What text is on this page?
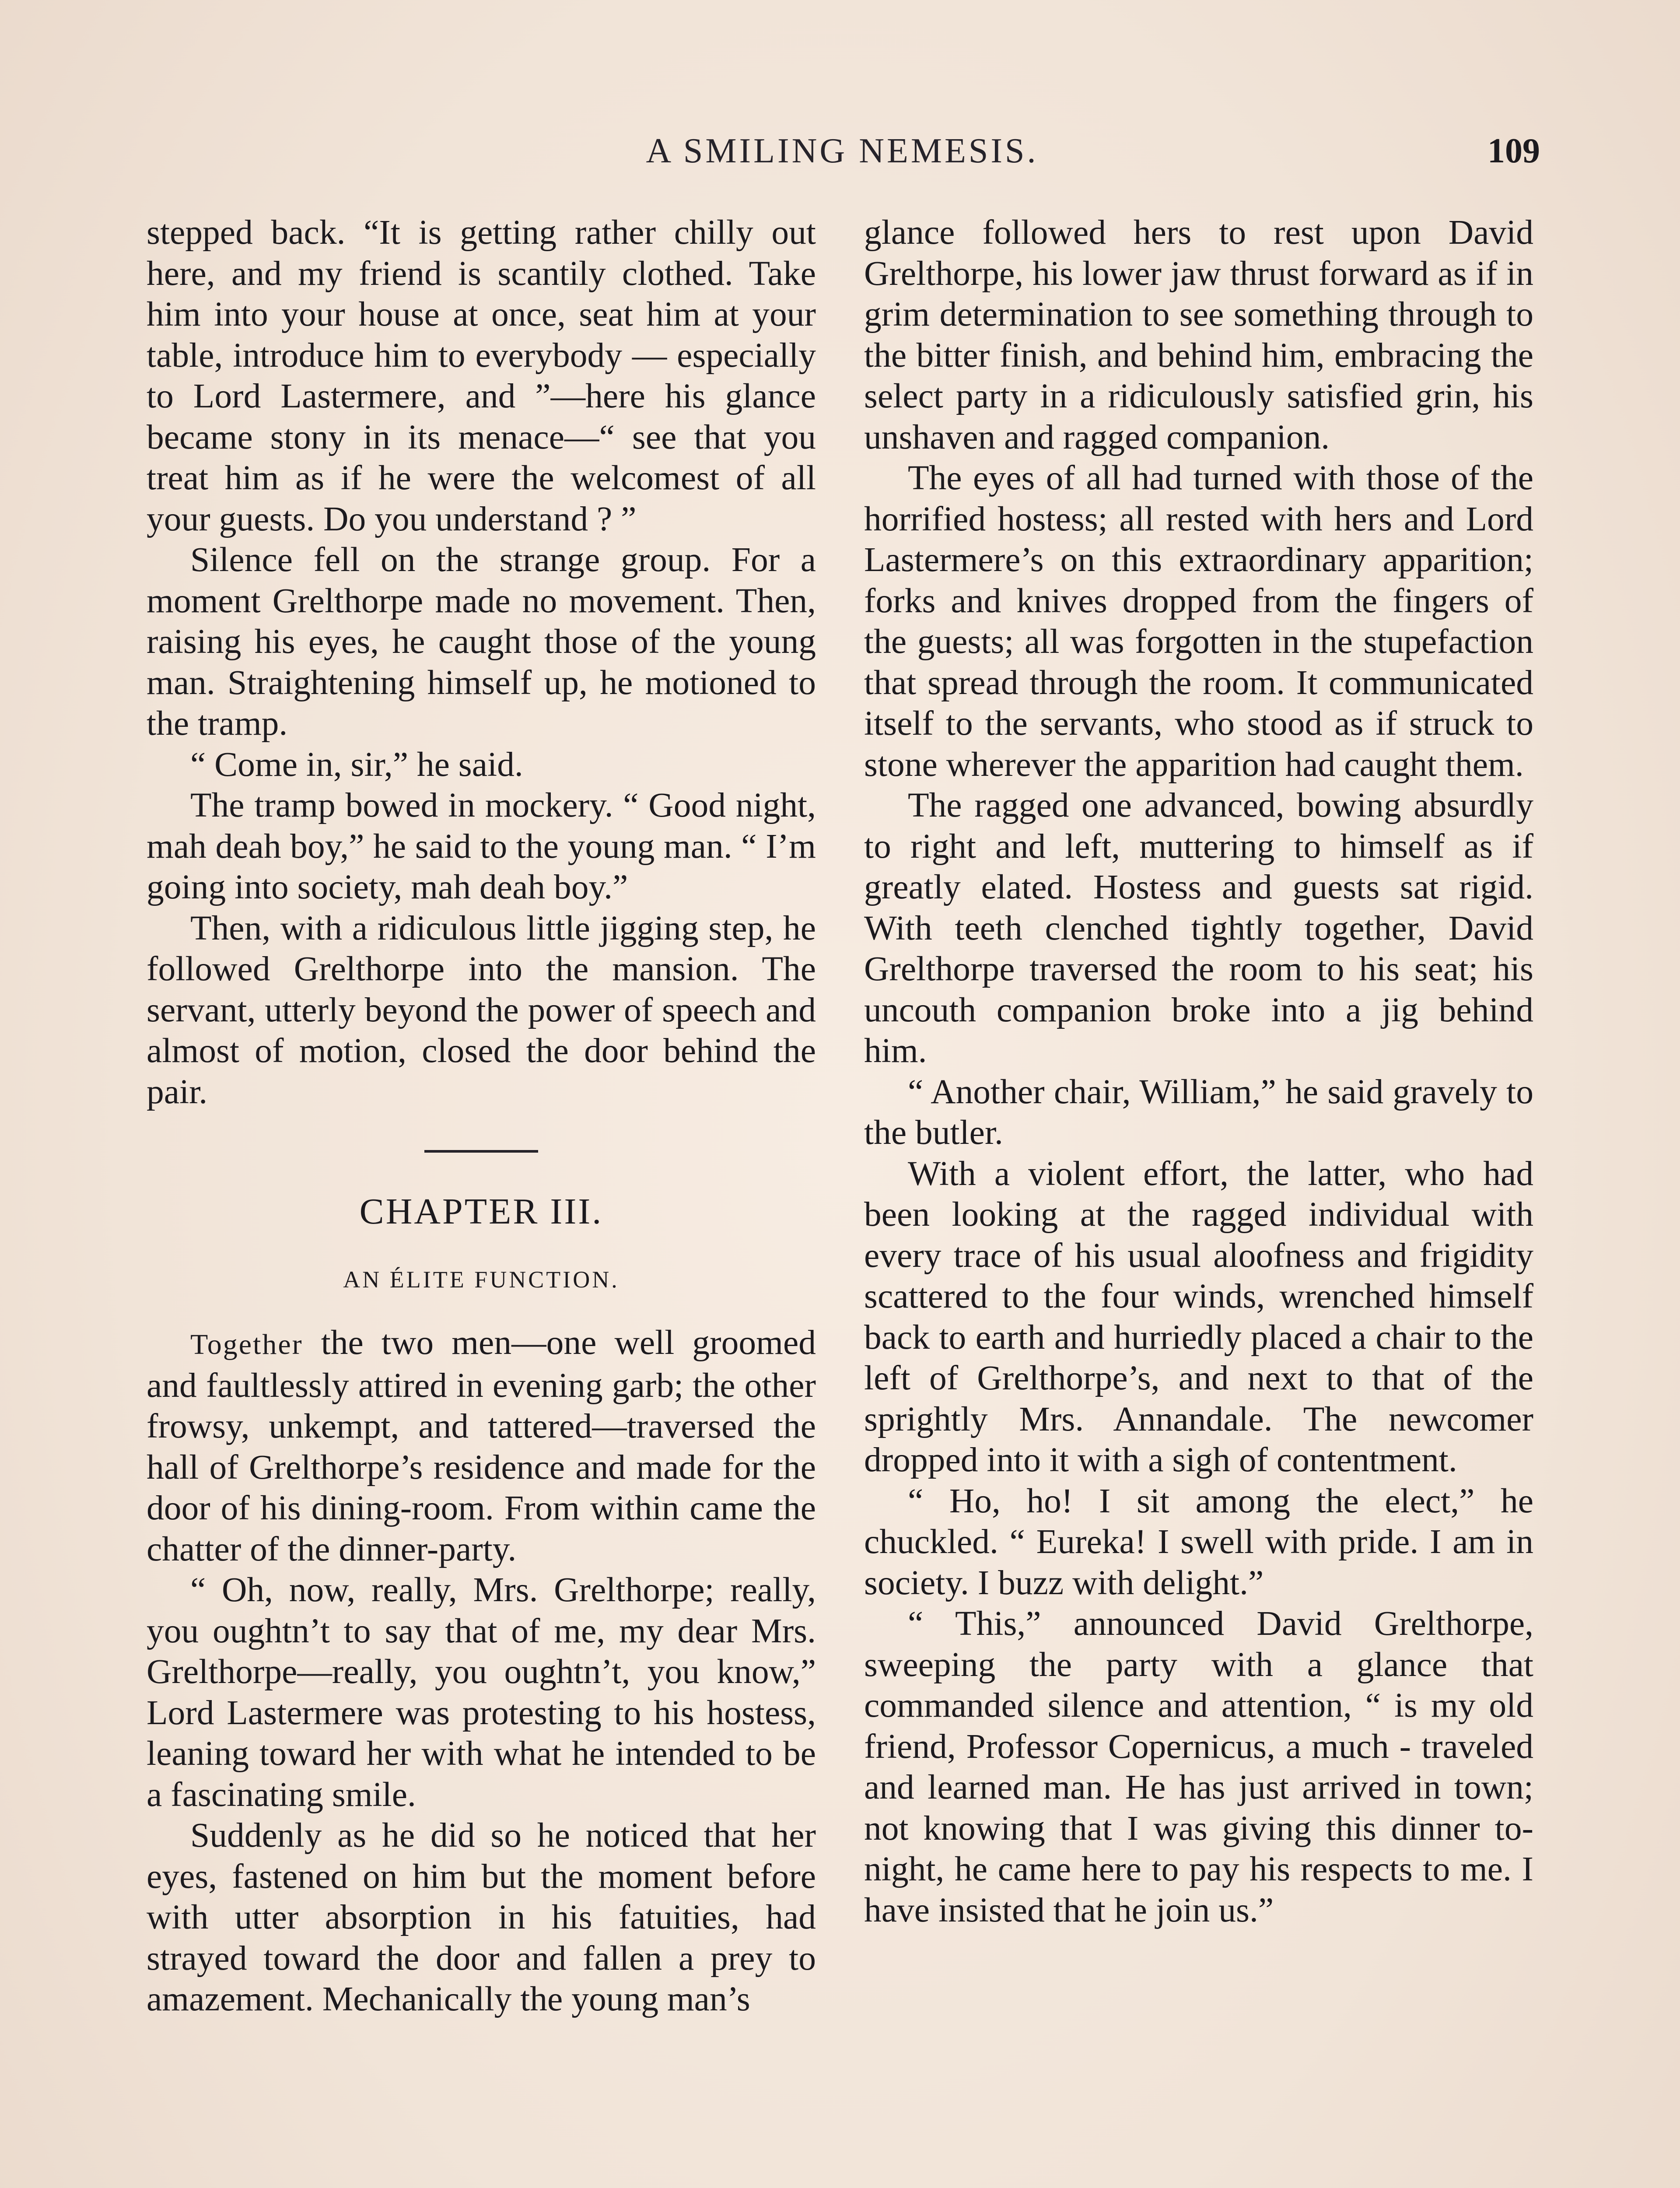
A SMILING NEMESIS.	109

stepped back. “It is getting rather chilly out here, and my friend is scantily clothed. Take him into your house at once, seat him at your table, introduce him to everybody — especially to Lord Lastermere, and ”—here his glance became stony in its menace—“ see that you treat him as if he were the welcomest of all your guests. Do you understand ? ”

Silence fell on the strange group. For a moment Grelthorpe made no movement. Then, raising his eyes, he caught those of the young man. Straightening himself up, he motioned to the tramp.

“ Come in, sir,” he said.

The tramp bowed in mockery. “ Good night, mah deah boy,” he said to the young man. “ I’m going into society, mah deah boy.”

Then, with a ridiculous little jigging step, he followed Grelthorpe into the mansion. The servant, utterly beyond the power of speech and almost of motion, closed the door behind the pair.

CHAPTER III.
AN ÉLITE FUNCTION.

Together the two men—one well groomed and faultlessly attired in evening garb; the other frowsy, unkempt, and tattered—traversed the hall of Grelthorpe’s residence and made for the door of his dining-room. From within came the chatter of the dinner-party.

“ Oh, now, really, Mrs. Grelthorpe; really, you oughtn’t to say that of me, my dear Mrs. Grelthorpe—really, you oughtn’t, you know,” Lord Lastermere was protesting to his hostess, leaning toward her with what he intended to be a fascinating smile.

Suddenly as he did so he noticed that her eyes, fastened on him but the moment before with utter absorption in his fatuities, had strayed toward the door and fallen a prey to amazement. Mechanically the young man’s

glance followed hers to rest upon David Grelthorpe, his lower jaw thrust forward as if in grim determination to see something through to the bitter finish, and behind him, embracing the select party in a ridiculously satisfied grin, his unshaven and ragged companion.

The eyes of all had turned with those of the horrified hostess; all rested with hers and Lord Lastermere’s on this extraordinary apparition; forks and knives dropped from the fingers of the guests; all was forgotten in the stupefaction that spread through the room. It communicated itself to the servants, who stood as if struck to stone wherever the apparition had caught them.

The ragged one advanced, bowing absurdly to right and left, muttering to himself as if greatly elated. Hostess and guests sat rigid. With teeth clenched tightly together, David Grelthorpe traversed the room to his seat; his uncouth companion broke into a jig behind him.

“ Another chair, William,” he said gravely to the butler.

With a violent effort, the latter, who had been looking at the ragged individual with every trace of his usual aloofness and frigidity scattered to the four winds, wrenched himself back to earth and hurriedly placed a chair to the left of Grelthorpe’s, and next to that of the sprightly Mrs. Annandale. The newcomer dropped into it with a sigh of contentment.

“ Ho, ho! I sit among the elect,” he chuckled. “ Eureka! I swell with pride. I am in society. I buzz with delight.”

“ This,” announced David Grelthorpe, sweeping the party with a glance that commanded silence and attention, “ is my old friend, Professor Copernicus, a much - traveled and learned man. He has just arrived in town; not knowing that I was giving this dinner to-night, he came here to pay his respects to me. I have insisted that he join us.”
